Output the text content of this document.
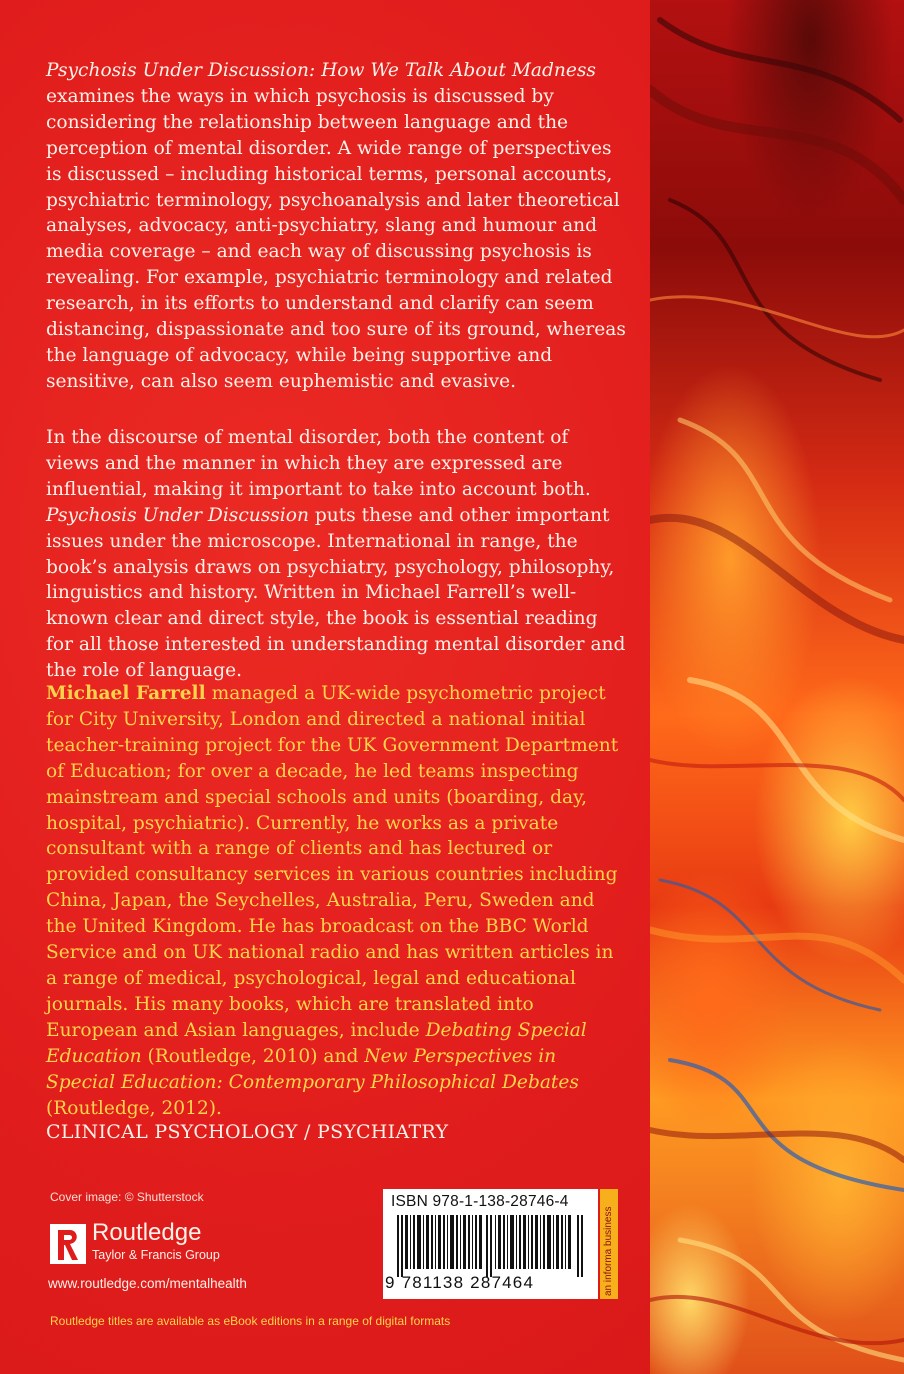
Psychosis Under Discussion: How We Talk About Madness examines the ways in which psychosis is discussed by considering the relationship between language and the perception of mental disorder. A wide range of perspectives is discussed – including historical terms, personal accounts, psychiatric terminology, psychoanalysis and later theoretical analyses, advocacy, anti-psychiatry, slang and humour and media coverage – and each way of discussing psychosis is revealing. For example, psychiatric terminology and related research, in its efforts to understand and clarify can seem distancing, dispassionate and too sure of its ground, whereas the language of advocacy, while being supportive and sensitive, can also seem euphemistic and evasive.
In the discourse of mental disorder, both the content of views and the manner in which they are expressed are influential, making it important to take into account both. Psychosis Under Discussion puts these and other important issues under the microscope. International in range, the book’s analysis draws on psychiatry, psychology, philosophy, linguistics and history. Written in Michael Farrell’s well-known clear and direct style, the book is essential reading for all those interested in understanding mental disorder and the role of language.
Michael Farrell managed a UK-wide psychometric project for City University, London and directed a national initial teacher-training project for the UK Government Department of Education; for over a decade, he led teams inspecting mainstream and special schools and units (boarding, day, hospital, psychiatric). Currently, he works as a private consultant with a range of clients and has lectured or provided consultancy services in various countries including China, Japan, the Seychelles, Australia, Peru, Sweden and the United Kingdom. He has broadcast on the BBC World Service and on UK national radio and has written articles in a range of medical, psychological, legal and educational journals. His many books, which are translated into European and Asian languages, include Debating Special Education (Routledge, 2010) and New Perspectives in Special Education: Contemporary Philosophical Debates (Routledge, 2012).
CLINICAL PSYCHOLOGY / PSYCHIATRY
Cover image: © Shutterstock
Routledge
Taylor & Francis Group
www.routledge.com/mentalhealth
Routledge titles are available as eBook editions in a range of digital formats
ISBN 978-1-138-28746-4
9 781138 287464	an informa business
